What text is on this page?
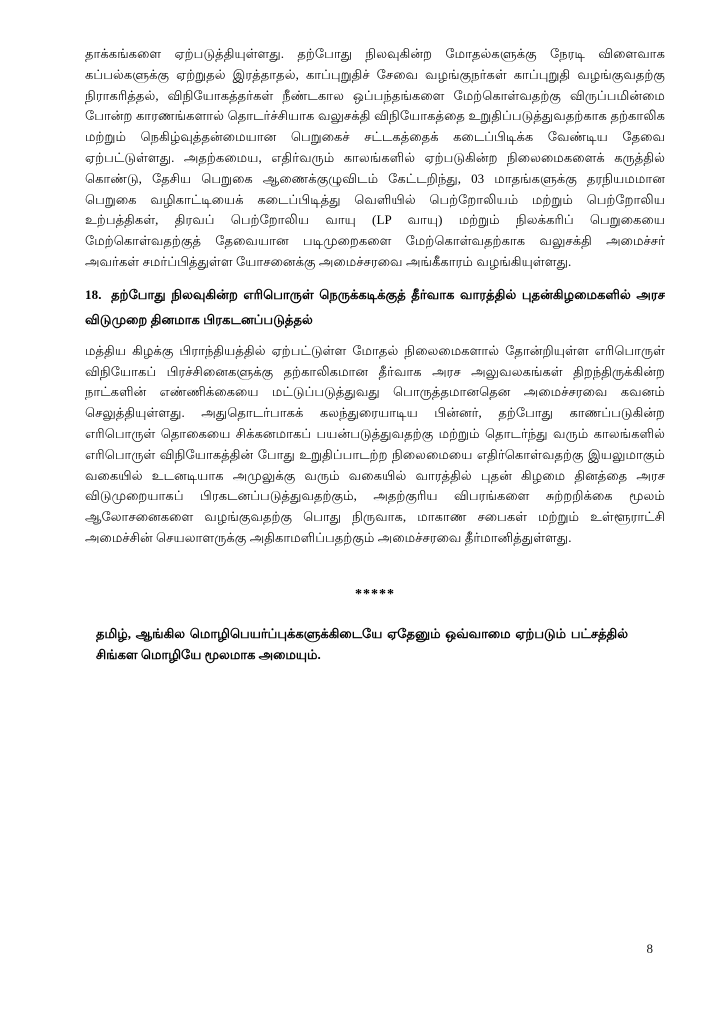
தாக்கங்களை ஏற்படுத்தியுள்ளது. தற்போது நிலவுகின்ற மோதல்களுக்கு நேரடி விளைவாக கப்பல்களுக்கு ஏற்றுதல் இரத்தாதல், காப்புறுதிச் சேவை வழங்குநர்கள் காப்புறுதி வழங்குவதற்கு நிராகரித்தல், விநியோகத்தர்கள் நீண்டகால ஒப்பந்தங்களை மேற்கொள்வதற்கு விருப்பமின்மை போன்ற காரணங்களால் தொடர்ச்சியாக வலுசக்தி விநியோகத்தை உறுதிப்படுத்துவதற்காக தற்காலிக மற்றும் நெகிழ்வுத்தன்மையான பெறுகைச் சட்டகத்தைக் கடைப்பிடிக்க வேண்டிய தேவை ஏற்பட்டுள்ளது. அதற்கமைய, எதிர்வரும் காலங்களில் ஏற்படுகின்ற நிலைமைகளைக் கருத்தில் கொண்டு, தேசிய பெறுகை ஆணைக்குழுவிடம் கேட்டறிந்து, 03 மாதங்களுக்கு தரநியமமான பெறுகை வழிகாட்டியைக் கடைப்பிடித்து வெளியில் பெற்றோலியம் மற்றும் பெற்றோலிய உற்பத்திகள், திரவப் பெற்றோலிய வாயு (LP வாயு) மற்றும் நிலக்கரிப் பெறுகையை மேற்கொள்வதற்குத் தேவையான படிமுறைகளை மேற்கொள்வதற்காக வலுசக்தி அமைச்சர் அவர்கள் சமர்ப்பித்துள்ள யோசனைக்கு அமைச்சரவை அங்கீகாரம் வழங்கியுள்ளது.

18. தற்போது நிலவுகின்ற எரிபொருள் நெருக்கடிக்குத் தீர்வாக வாரத்தில் புதன்கிழமைகளில் அரச விடுமுறை தினமாக பிரகடனப்படுத்தல்

மத்திய கிழக்கு பிராந்தியத்தில் ஏற்பட்டுள்ள மோதல் நிலைமைகளால் தோன்றியுள்ள எரிபொருள் விநியோகப் பிரச்சினைகளுக்கு தற்காலிகமான தீர்வாக அரச அலுவலகங்கள் திறந்திருக்கின்ற நாட்களின் எண்ணிக்கையை மட்டுப்படுத்துவது பொருத்தமானதென அமைச்சரவை கவனம் செலுத்தியுள்ளது. அதுதொடர்பாகக் கலந்துரையாடிய பின்னர், தற்போது காணப்படுகின்ற எரிபொருள் தொகையை சிக்கனமாகப் பயன்படுத்துவதற்கு மற்றும் தொடர்ந்து வரும் காலங்களில் எரிபொருள் விநியோகத்தின் போது உறுதிப்பாடற்ற நிலைமையை எதிர்கொள்வதற்கு இயலுமாகும் வகையில் உடனடியாக அமுலுக்கு வரும் வகையில் வாரத்தில் புதன் கிழமை தினத்தை அரச விடுமுறையாகப் பிரகடனப்படுத்துவதற்கும், அதற்குரிய விபரங்களை சுற்றறிக்கை மூலம் ஆலோசனைகளை வழங்குவதற்கு பொது நிருவாக, மாகாண சபைகள் மற்றும் உள்ளூராட்சி அமைச்சின் செயலாளருக்கு அதிகாமளிப்பதற்கும் அமைச்சரவை தீர்மானித்துள்ளது.

*****

தமிழ், ஆங்கில மொழிபெயர்ப்புக்களுக்கிடையே ஏதேனும் ஒவ்வாமை ஏற்படும் பட்சத்தில் சிங்கள மொழியே மூலமாக அமையும்.

8
